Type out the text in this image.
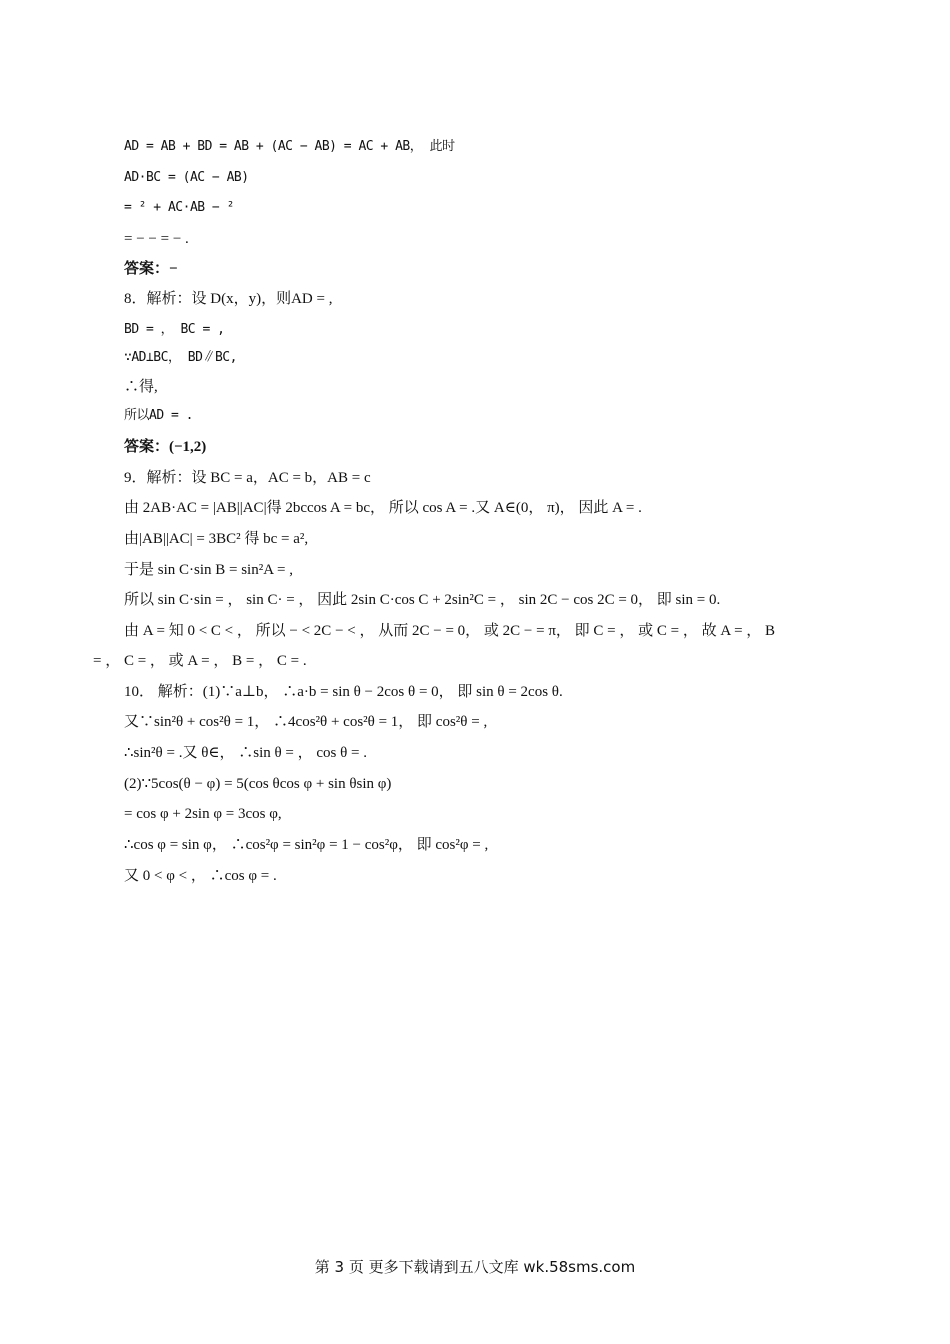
AD = AB + BD = AB + (AC − AB) = AC + AB， 此时
AD·BC = (AC − AB)
= ² + AC·AB − ²
= − − = − .
答案：−
8．解析：设 D(x，y)，则AD = ,
BD = ， BC = ,
∵AD⊥BC， BD∥BC,
∴得,
所以AD = .
答案：(−1,2)
9．解析：设 BC = a，AC = b，AB = c
由 2AB·AC = |AB||AC|得 2bccos A = bc， 所以 cos A = .又 A∈(0， π)， 因此 A = .
由|AB||AC| = 3BC² 得 bc = a²,
于是 sin C·sin B = sin²A = ,
所以 sin C·sin = ， sin C· = ， 因此 2sin C·cos C + 2sin²C = ， sin 2C − cos 2C = 0， 即 sin = 0.
由 A = 知 0 < C < ， 所以 − < 2C − < ， 从而 2C − = 0， 或 2C − = π， 即 C = ， 或 C = ， 故 A = ， B
= ， C = ， 或 A = ， B = ， C = .
10． 解析：(1)∵a⊥b， ∴a·b = sin θ − 2cos θ = 0， 即 sin θ = 2cos θ.
又∵sin²θ + cos²θ = 1， ∴4cos²θ + cos²θ = 1， 即 cos²θ = ,
∴sin²θ = .又 θ∈， ∴sin θ = ， cos θ = .
(2)∵5cos(θ − φ) = 5(cos θcos φ + sin θsin φ)
= cos φ + 2sin φ = 3cos φ,
∴cos φ = sin φ， ∴cos²φ = sin²φ = 1 − cos²φ， 即 cos²φ = ,
又 0 < φ < ， ∴cos φ = .
第 3 页 更多下载请到五八文库 wk.58sms.com
